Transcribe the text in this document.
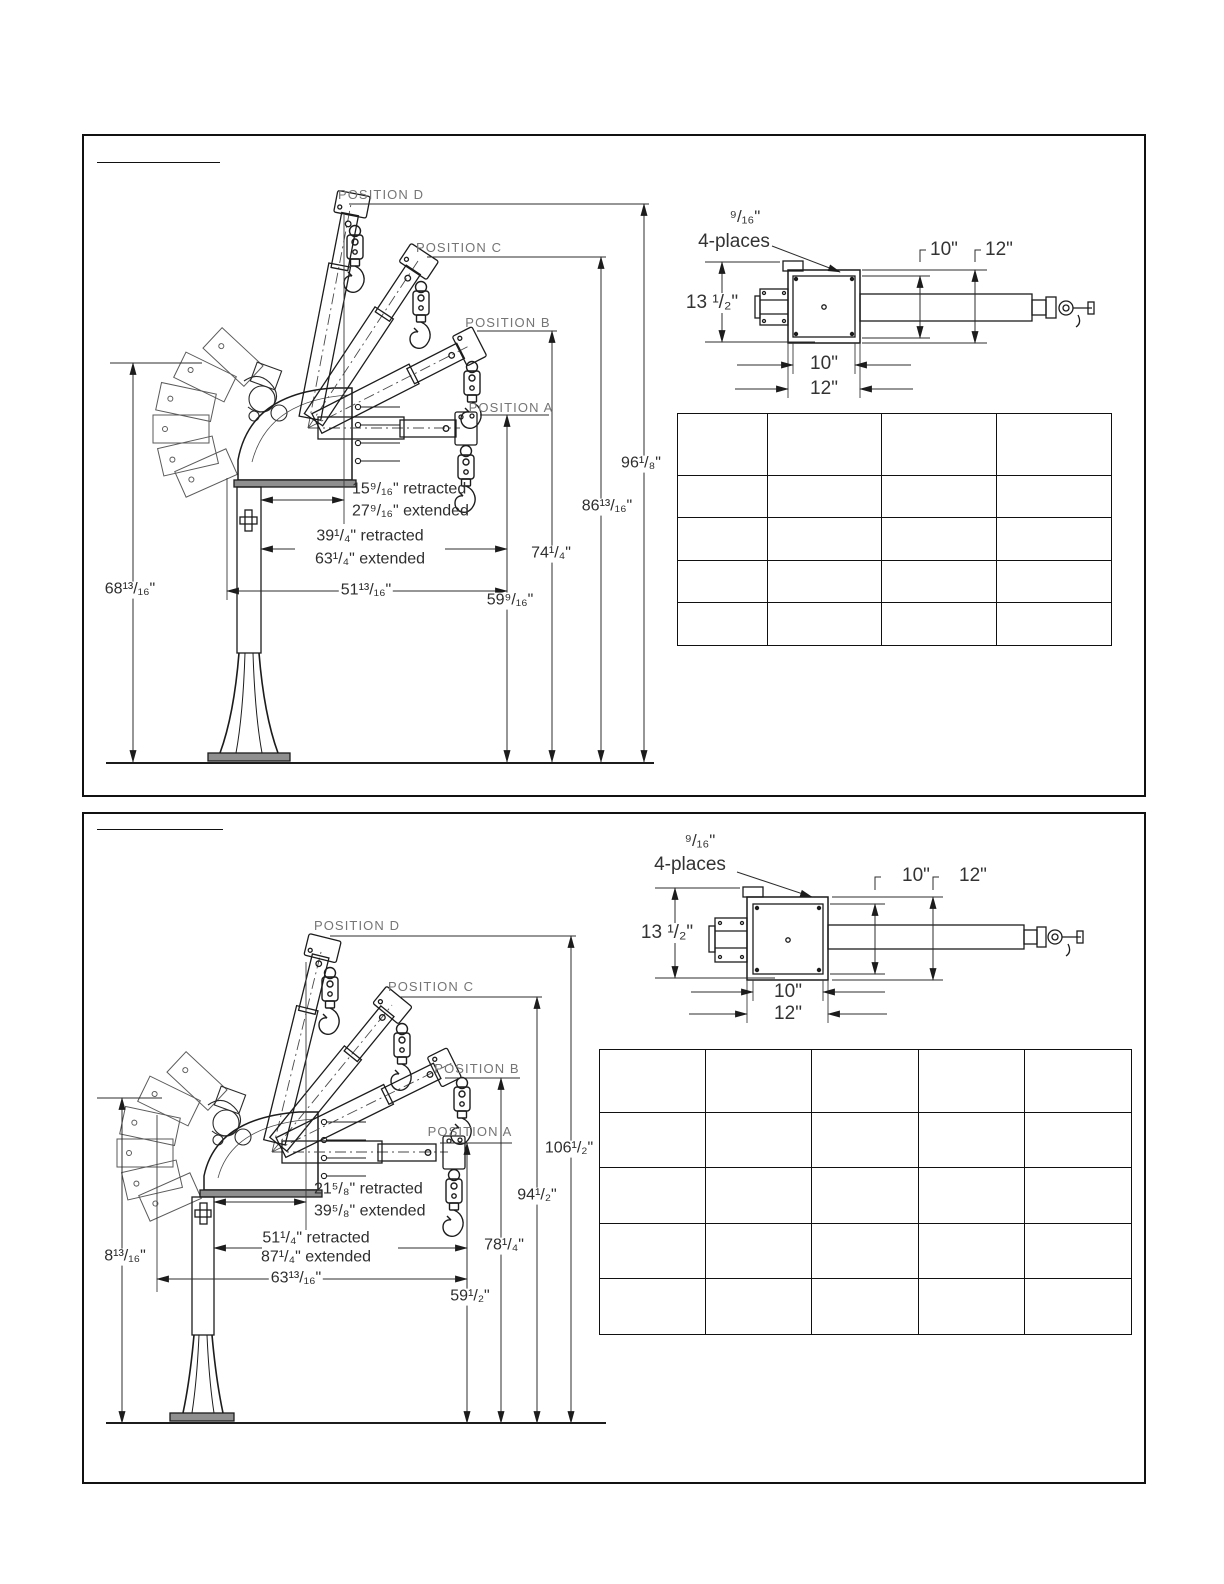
POSITION D
POSITION C
POSITION B
POSITION A
59⁹/₁₆"
74¹/₄"
86¹³/₁₆"
96¹/₈"
68¹³/₁₆"
15⁹/₁₆" retracted
27⁹/₁₆" extended
39¹/₄" retracted
63¹/₄" extended
51¹³/₁₆"
⁹/₁₆"
4-places
13 ¹/₂"
10" 12"
10"
12"
POSITION D
POSITION C
POSITION B
POSITION A
59¹/₂"
78¹/₄"
94¹/₂"
106¹/₂"
8¹³/₁₆"
21⁵/₈" retracted
39⁵/₈" extended
51¹/₄" retracted
87¹/₄" extended
63¹³/₁₆"
⁹/₁₆"
4-places
13 ¹/₂"
10" 12"
10"
12"
